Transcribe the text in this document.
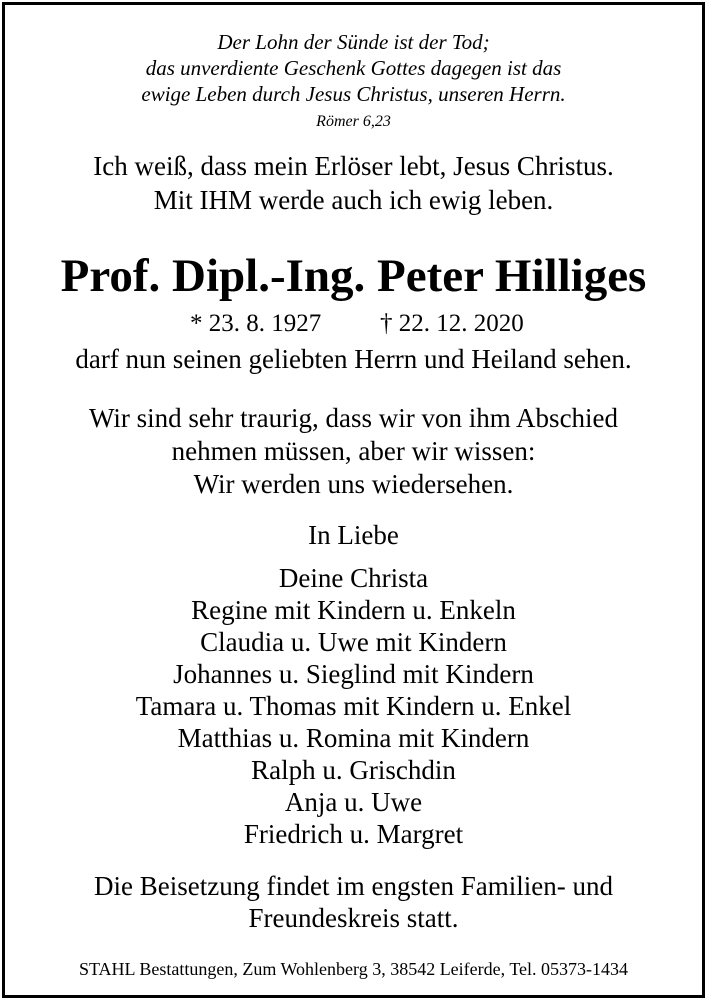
Der Lohn der Sünde ist der Tod;
das unverdiente Geschenk Gottes dagegen ist das
ewige Leben durch Jesus Christus, unseren Herrn.
Römer 6,23
Ich weiß, dass mein Erlöser lebt, Jesus Christus.
Mit IHM werde auch ich ewig leben.
Prof. Dipl.-Ing. Peter Hilliges
* 23. 8. 1927 † 22. 12. 2020
darf nun seinen geliebten Herrn und Heiland sehen.
Wir sind sehr traurig, dass wir von ihm Abschied
nehmen müssen, aber wir wissen:
Wir werden uns wiedersehen.
In Liebe
Deine Christa
Regine mit Kindern u. Enkeln
Claudia u. Uwe mit Kindern
Johannes u. Sieglind mit Kindern
Tamara u. Thomas mit Kindern u. Enkel
Matthias u. Romina mit Kindern
Ralph u. Grischdin
Anja u. Uwe
Friedrich u. Margret
Die Beisetzung findet im engsten Familien- und
Freundeskreis statt.
STAHL Bestattungen, Zum Wohlenberg 3, 38542 Leiferde, Tel. 05373-1434
